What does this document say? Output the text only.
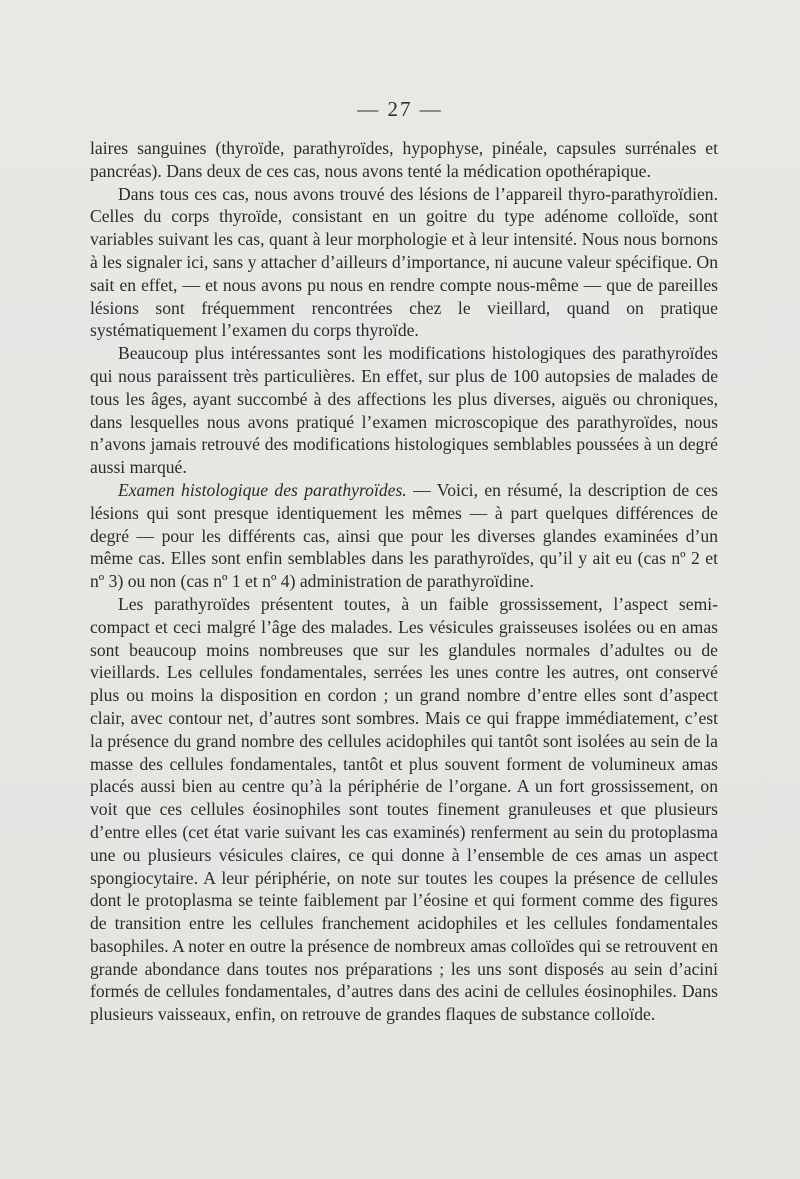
— 27 —

laires sanguines (thyroïde, parathyroïdes, hypophyse, pinéale, capsules surrénales et pancréas). Dans deux de ces cas, nous avons tenté la médication opothérapique.

Dans tous ces cas, nous avons trouvé des lésions de l’appareil thyro-parathyroïdien. Celles du corps thyroïde, consistant en un goitre du type adénome colloïde, sont variables suivant les cas, quant à leur morphologie et à leur intensité. Nous nous bornons à les signaler ici, sans y attacher d’ailleurs d’importance, ni aucune valeur spécifique. On sait en effet, — et nous avons pu nous en rendre compte nous-même — que de pareilles lésions sont fréquemment rencontrées chez le vieillard, quand on pratique systématiquement l’examen du corps thyroïde.

Beaucoup plus intéressantes sont les modifications histologiques des parathyroïdes qui nous paraissent très particulières. En effet, sur plus de 100 autopsies de malades de tous les âges, ayant succombé à des affections les plus diverses, aiguës ou chroniques, dans lesquelles nous avons pratiqué l’examen microscopique des parathyroïdes, nous n’avons jamais retrouvé des modifications histologiques semblables poussées à un degré aussi marqué.

Examen histologique des parathyroïdes. — Voici, en résumé, la description de ces lésions qui sont presque identiquement les mêmes — à part quelques différences de degré — pour les différents cas, ainsi que pour les diverses glandes examinées d’un même cas. Elles sont enfin semblables dans les parathyroïdes, qu’il y ait eu (cas nº 2 et nº 3) ou non (cas nº 1 et nº 4) administration de parathyroïdine.

Les parathyroïdes présentent toutes, à un faible grossissement, l’aspect semi-compact et ceci malgré l’âge des malades. Les vésicules graisseuses isolées ou en amas sont beaucoup moins nombreuses que sur les glandules normales d’adultes ou de vieillards. Les cellules fondamentales, serrées les unes contre les autres, ont conservé plus ou moins la disposition en cordon ; un grand nombre d’entre elles sont d’aspect clair, avec contour net, d’autres sont sombres. Mais ce qui frappe immédiatement, c’est la présence du grand nombre des cellules acidophiles qui tantôt sont isolées au sein de la masse des cellules fondamentales, tantôt et plus souvent forment de volumineux amas placés aussi bien au centre qu’à la périphérie de l’organe. A un fort grossissement, on voit que ces cellules éosinophiles sont toutes finement granuleuses et que plusieurs d’entre elles (cet état varie suivant les cas examinés) renferment au sein du protoplasma une ou plusieurs vésicules claires, ce qui donne à l’ensemble de ces amas un aspect spongiocytaire. A leur périphérie, on note sur toutes les coupes la présence de cellules dont le protoplasma se teinte faiblement par l’éosine et qui forment comme des figures de transition entre les cellules franchement acidophiles et les cellules fondamentales basophiles. A noter en outre la présence de nombreux amas colloïdes qui se retrouvent en grande abondance dans toutes nos préparations ; les uns sont disposés au sein d’acini formés de cellules fondamentales, d’autres dans des acini de cellules éosinophiles. Dans plusieurs vaisseaux, enfin, on retrouve de grandes flaques de substance colloïde.
